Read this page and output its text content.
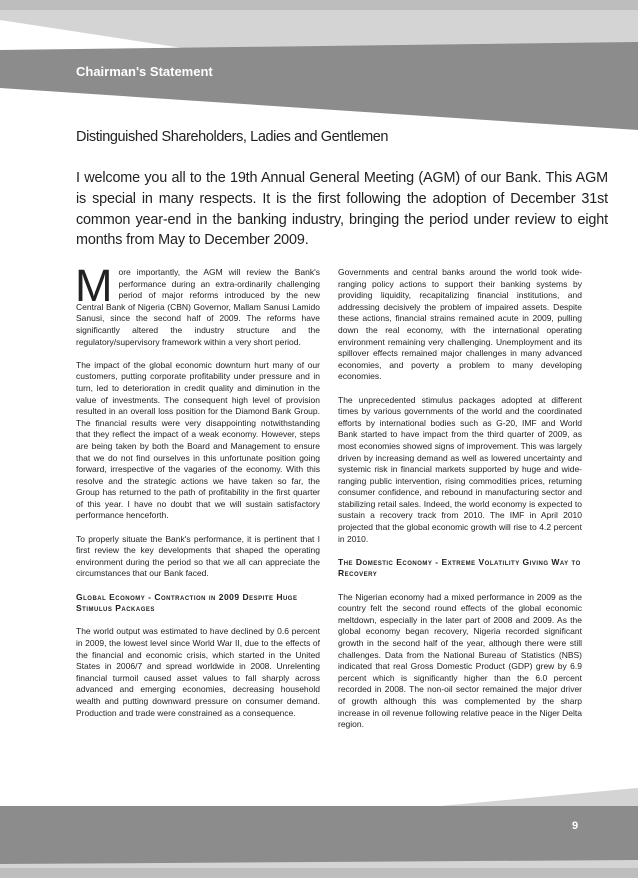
Chairman's Statement
Distinguished Shareholders, Ladies and Gentlemen
I welcome you all to the 19th Annual General Meeting (AGM) of our Bank. This AGM is special in many respects. It is the first following the adoption of December 31st common year-end in the banking industry, bringing the period under review to eight months from May to December 2009.

More importantly, the AGM will review the Bank's performance during an extra-ordinarily challenging period of major reforms introduced by the new Central Bank of Nigeria (CBN) Governor, Mallam Sanusi Lamido Sanusi, since the second half of 2009. The reforms have significantly altered the industry structure and the regulatory/supervisory framework within a very short period.

The impact of the global economic downturn hurt many of our customers, putting corporate profitability under pressure and in turn, led to deterioration in credit quality and diminution in the value of investments. The consequent high level of provision resulted in an overall loss position for the Diamond Bank Group. The financial results were very disappointing notwithstanding that they reflect the impact of a weak economy. However, steps are being taken by both the Board and Management to ensure that we do not find ourselves in this unfortunate position going forward, irrespective of the vagaries of the economy. With this resolve and the strategic actions we have taken so far, the Group has returned to the path of profitability in the first quarter of this year. I have no doubt that we will sustain satisfactory performance henceforth.

To properly situate the Bank's performance, it is pertinent that I first review the key developments that shaped the operating environment during the period so that we all can appreciate the circumstances that our Bank faced.

Global Economy - Contraction in 2009 Despite Huge Stimulus Packages

The world output was estimated to have declined by 0.6 percent in 2009, the lowest level since World War II, due to the effects of the financial and economic crisis, which started in the United States in 2006/7 and spread worldwide in 2008. Unrelenting financial turmoil caused asset values to fall sharply across advanced and emerging economies, decreasing household wealth and putting downward pressure on consumer demand. Production and trade were constrained as a consequence.

Governments and central banks around the world took wide-ranging policy actions to support their banking systems by providing liquidity, recapitalizing financial institutions, and addressing decisively the problem of impaired assets. Despite these actions, financial strains remained acute in 2009, pulling down the real economy, with the international operating environment remaining very challenging. Unemployment and its spillover effects remained major challenges in many advanced economies, and poverty a problem to many developing economies.

The unprecedented stimulus packages adopted at different times by various governments of the world and the coordinated efforts by international bodies such as G-20, IMF and World Bank started to have impact from the third quarter of 2009, as most economies showed signs of improvement. This was largely driven by increasing demand as well as lowered uncertainty and systemic risk in financial markets supported by huge and wide-ranging public intervention, rising commodities prices, returning consumer confidence, and rebound in manufacturing sector and stabilizing retail sales. Indeed, the world economy is expected to sustain a recovery track from 2010. The IMF in April 2010 projected that the global economic growth will rise to 4.2 percent in 2010.

The Domestic Economy - Extreme Volatility Giving Way to Recovery

The Nigerian economy had a mixed performance in 2009 as the country felt the second round effects of the global economic meltdown, especially in the later part of 2008 and 2009. As the global economy began recovery, Nigeria recorded significant growth in the second half of the year, although there were still challenges. Data from the National Bureau of Statistics (NBS) indicated that real Gross Domestic Product (GDP) grew by 6.9 percent which is significantly higher than the 6.0 percent recorded in 2008. The non-oil sector remained the major driver of growth although this was complemented by the sharp increase in oil revenue following relative peace in the Niger Delta region.

9
